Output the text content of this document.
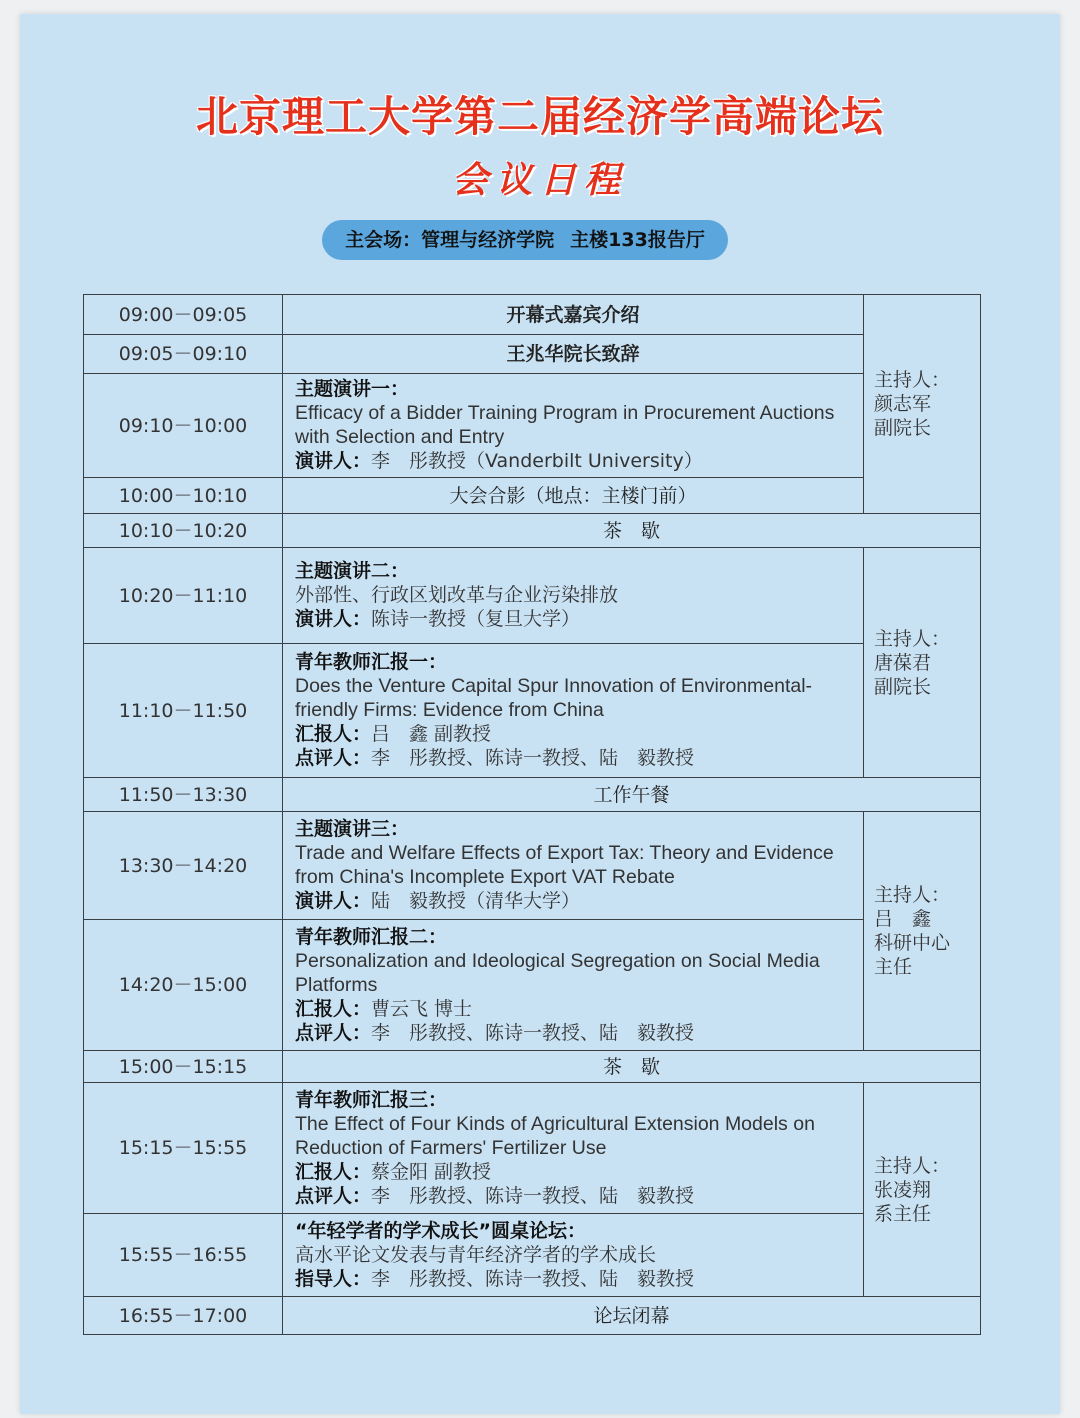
北京理工大学第二届经济学高端论坛
会议日程
主会场：管理与经济学院 主楼133报告厅
09:00－09:05	开幕式嘉宾介绍	主持人：
颜志军
副院长

09:05－09:10	王兆华院长致辞	
09:10－10:00	主题演讲一：
Efficacy of a Bidder Training Program in Procurement Auctions
with Selection and Entry
演讲人：李　彤教授（Vanderbilt University）	

10:00－10:10	大会合影（地点：主楼门前）	
10:10－10:20	茶　歇	
10:20－11:10	主题演讲二：
外部性、行政区划改革与企业污染排放
演讲人：陈诗一教授（复旦大学）	主持人：
唐葆君
副院长

11:10－11:50	青年教师汇报一：
Does the Venture Capital Spur Innovation of Environmental-
friendly Firms: Evidence from China
汇报人：吕　鑫 副教授
点评人：李　彤教授、陈诗一教授、陆　毅教授	

11:50－13:30	工作午餐	
13:30－14:20	主题演讲三：
Trade and Welfare Effects of Export Tax: Theory and Evidence
from China's Incomplete Export VAT Rebate
演讲人：陆　毅教授（清华大学）	主持人：
吕　鑫
科研中心
主任

14:20－15:00	青年教师汇报二：
Personalization and Ideological Segregation on Social Media
Platforms
汇报人：曹云飞 博士
点评人：李　彤教授、陈诗一教授、陆　毅教授	

15:00－15:15	茶　歇	
15:15－15:55	青年教师汇报三：
The Effect of Four Kinds of Agricultural Extension Models on
Reduction of Farmers' Fertilizer Use
汇报人：蔡金阳 副教授
点评人：李　彤教授、陈诗一教授、陆　毅教授	主持人：
张凌翔
系主任

15:55－16:55	“年轻学者的学术成长”圆桌论坛：
高水平论文发表与青年经济学者的学术成长
指导人：李　彤教授、陈诗一教授、陆　毅教授	

16:55－17:00	论坛闭幕	
